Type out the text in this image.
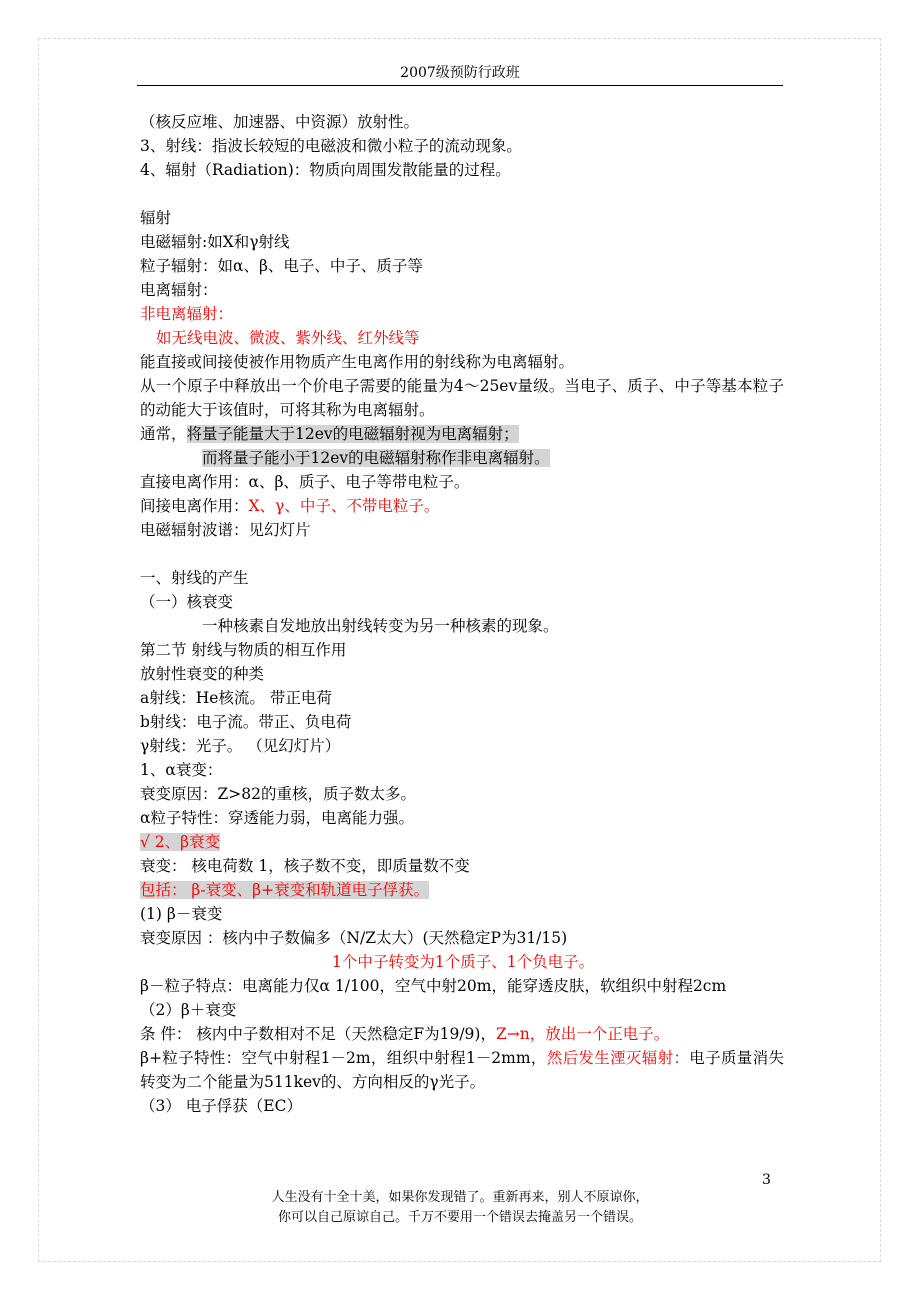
2007级预防行政班

（核反应堆、加速器、中资源）放射性。

3、射线：指波长较短的电磁波和微小粒子的流动现象。

4、辐射（Radiation)：物质向周围发散能量的过程。

辐射

电磁辐射:如X和γ射线

粒子辐射：如α、β、电子、中子、质子等

电离辐射：

非电离辐射：

如无线电波、微波、紫外线、红外线等

能直接或间接使被作用物质产生电离作用的射线称为电离辐射。

从一个原子中释放出一个价电子需要的能量为4～25ev量级。当电子、质子、中子等基本粒子的动能大于该值时，可将其称为电离辐射。

通常，将量子能量大于12ev的电磁辐射视为电离辐射；

而将量子能小于12ev的电磁辐射称作非电离辐射。

直接电离作用：α、β、质子、电子等带电粒子。

间接电离作用：X、γ、中子、不带电粒子。

电磁辐射波谱：见幻灯片

一、射线的产生

（一）核衰变

一种核素自发地放出射线转变为另一种核素的现象。

第二节 射线与物质的相互作用

放射性衰变的种类

a射线：He核流。 带正电荷

b射线：电子流。带正、负电荷

γ射线：光子。 （见幻灯片）

1、α衰变：

衰变原因：Z>82的重核，质子数太多。

α粒子特性：穿透能力弱，电离能力强。

√ 2、β衰变

衰变： 核电荷数 1，核子数不变，即质量数不变

包括： β-衰变、β+衰变和轨道电子俘获。

(1) β－衰变

衰变原因 ：核内中子数偏多（N/Z太大）(天然稳定P为31/15)

1个中子转变为1个质子、1个负电子。

β－粒子特点：电离能力仅α 1/100，空气中射20m，能穿透皮肤，软组织中射程2cm

（2）β＋衰变

条 件： 核内中子数相对不足（天然稳定F为19/9)，Z→n，放出一个正电子。

β+粒子特性：空气中射程1－2m，组织中射程1－2mm，然后发生湮灭辐射：电子质量消失转变为二个能量为511kev的、方向相反的γ光子。

（3） 电子俘获（EC）

3
人生没有十全十美，如果你发现错了。重新再来，别人不原谅你，
你可以自己原谅自己。千万不要用一个错误去掩盖另一个错误。
